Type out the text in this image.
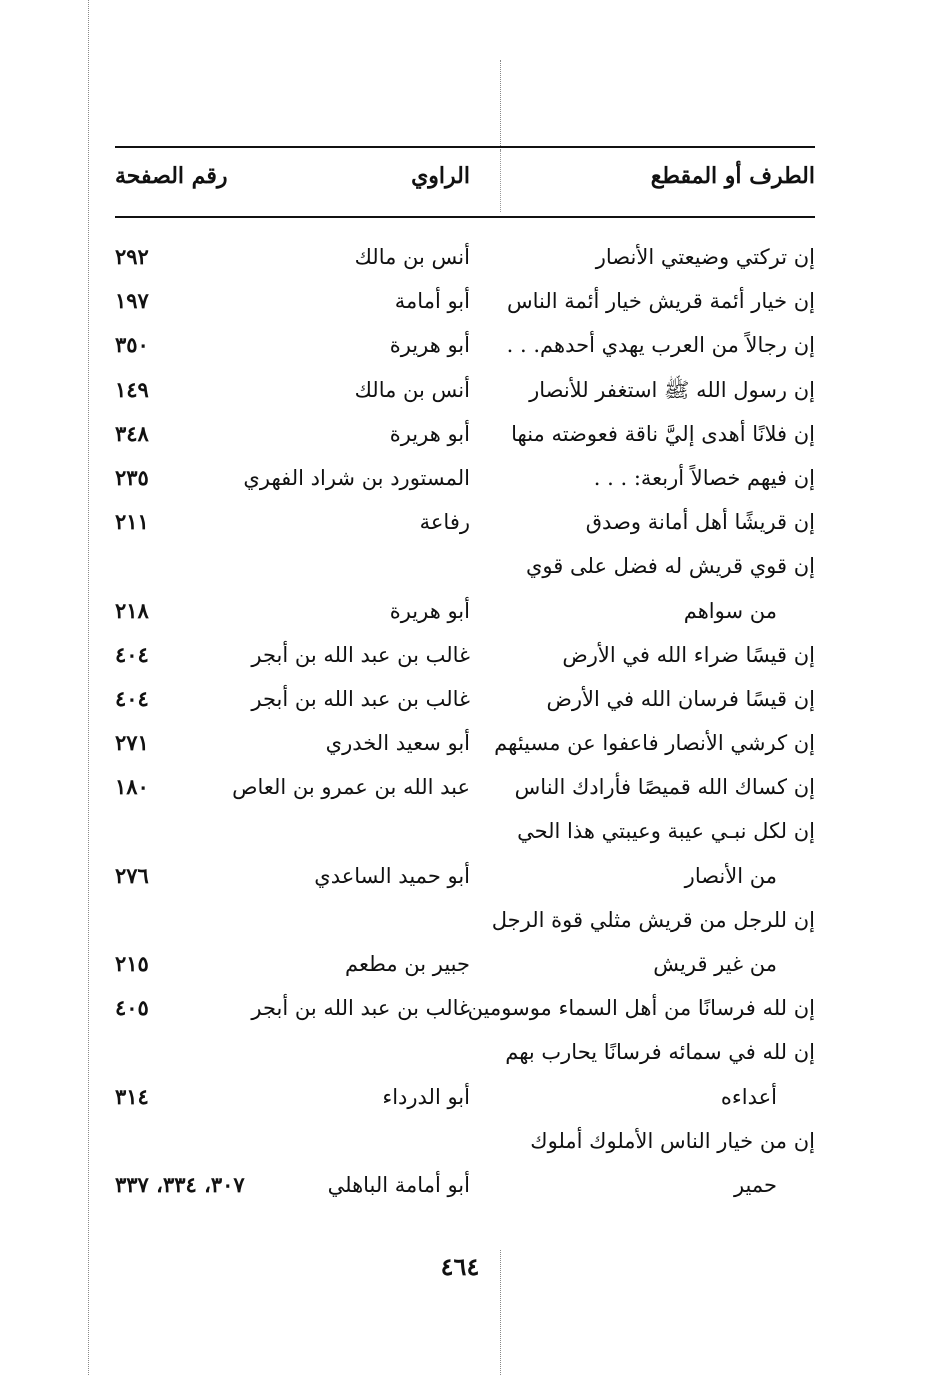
الطرف أو المقطع
الراوي
رقم الصفحة
إن تركتي وضيعتي الأنصار
أنس بن مالك
٢٩٢
إن خيار أئمة قريش خيار أئمة الناس
أبو أمامة
١٩٧
إن رجالاً من العرب يهدي أحدهم. . .
أبو هريرة
٣٥٠
إن رسول الله ﷺ استغفر للأنصار
أنس بن مالك
١٤٩
إن فلانًا أهدى إليَّ ناقة فعوضته منها
أبو هريرة
٣٤٨
إن فيهم خصالاً أربعة: . . .
المستورد بن شراد الفهري
٢٣٥
إن قريشًا أهل أمانة وصدق
رفاعة
٢١١
إن قوي قريش له فضل على قوي
من سواهم
أبو هريرة
٢١٨
إن قيسًا ضراء الله في الأرض
غالب بن عبد الله بن أبجر
٤٠٤
إن قيسًا فرسان الله في الأرض
غالب بن عبد الله بن أبجر
٤٠٤
إن كرشي الأنصار فاعفوا عن مسيئهم
أبو سعيد الخدري
٢٧١
إن كساك الله قميصًا فأرادك الناس
عبد الله بن عمرو بن العاص
١٨٠
إن لكل نبـي عيبة وعيبتي هذا الحي
من الأنصار
أبو حميد الساعدي
٢٧٦
إن للرجل من قريش مثلي قوة الرجل
من غير قريش
جبير بن مطعم
٢١٥
إن لله فرسانًا من أهل السماء موسومين
غالب بن عبد الله بن أبجر
٤٠٥
إن لله في سمائه فرسانًا يحارب بهم
أعداءه
أبو الدرداء
٣١٤
إن من خيار الناس الأملوك أملوك
حمير
أبو أمامة الباهلي
٣٠٧، ٣٣٤، ٣٣٧
٤٦٤
